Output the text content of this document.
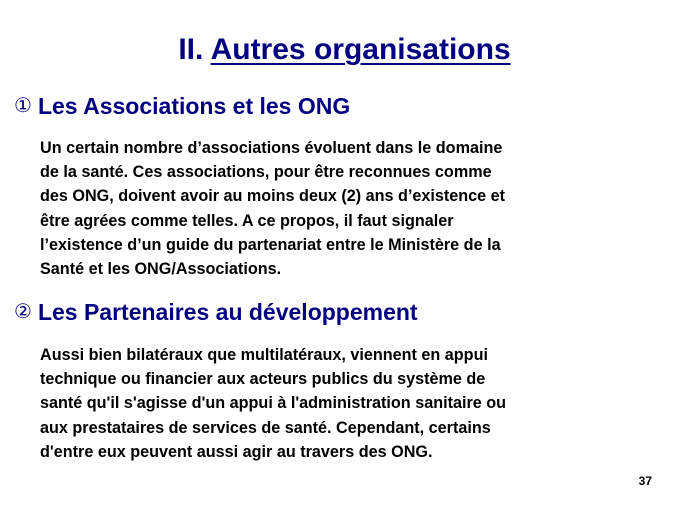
II. Autres organisations
① Les Associations et les ONG

Un certain nombre d’associations évoluent dans le domaine
de la santé. Ces associations, pour être reconnues comme
des ONG, doivent avoir au moins deux (2) ans d’existence et
être agrées comme telles. A ce propos, il faut signaler
l’existence d’un guide du partenariat entre le Ministère de la
Santé et les ONG/Associations.

② Les Partenaires au développement

Aussi bien bilatéraux que multilatéraux, viennent en appui
technique ou financier aux acteurs publics du système de
santé qu'il s'agisse d'un appui à l'administration sanitaire ou
aux prestataires de services de santé. Cependant, certains
d'entre eux peuvent aussi agir au travers des ONG.

37
